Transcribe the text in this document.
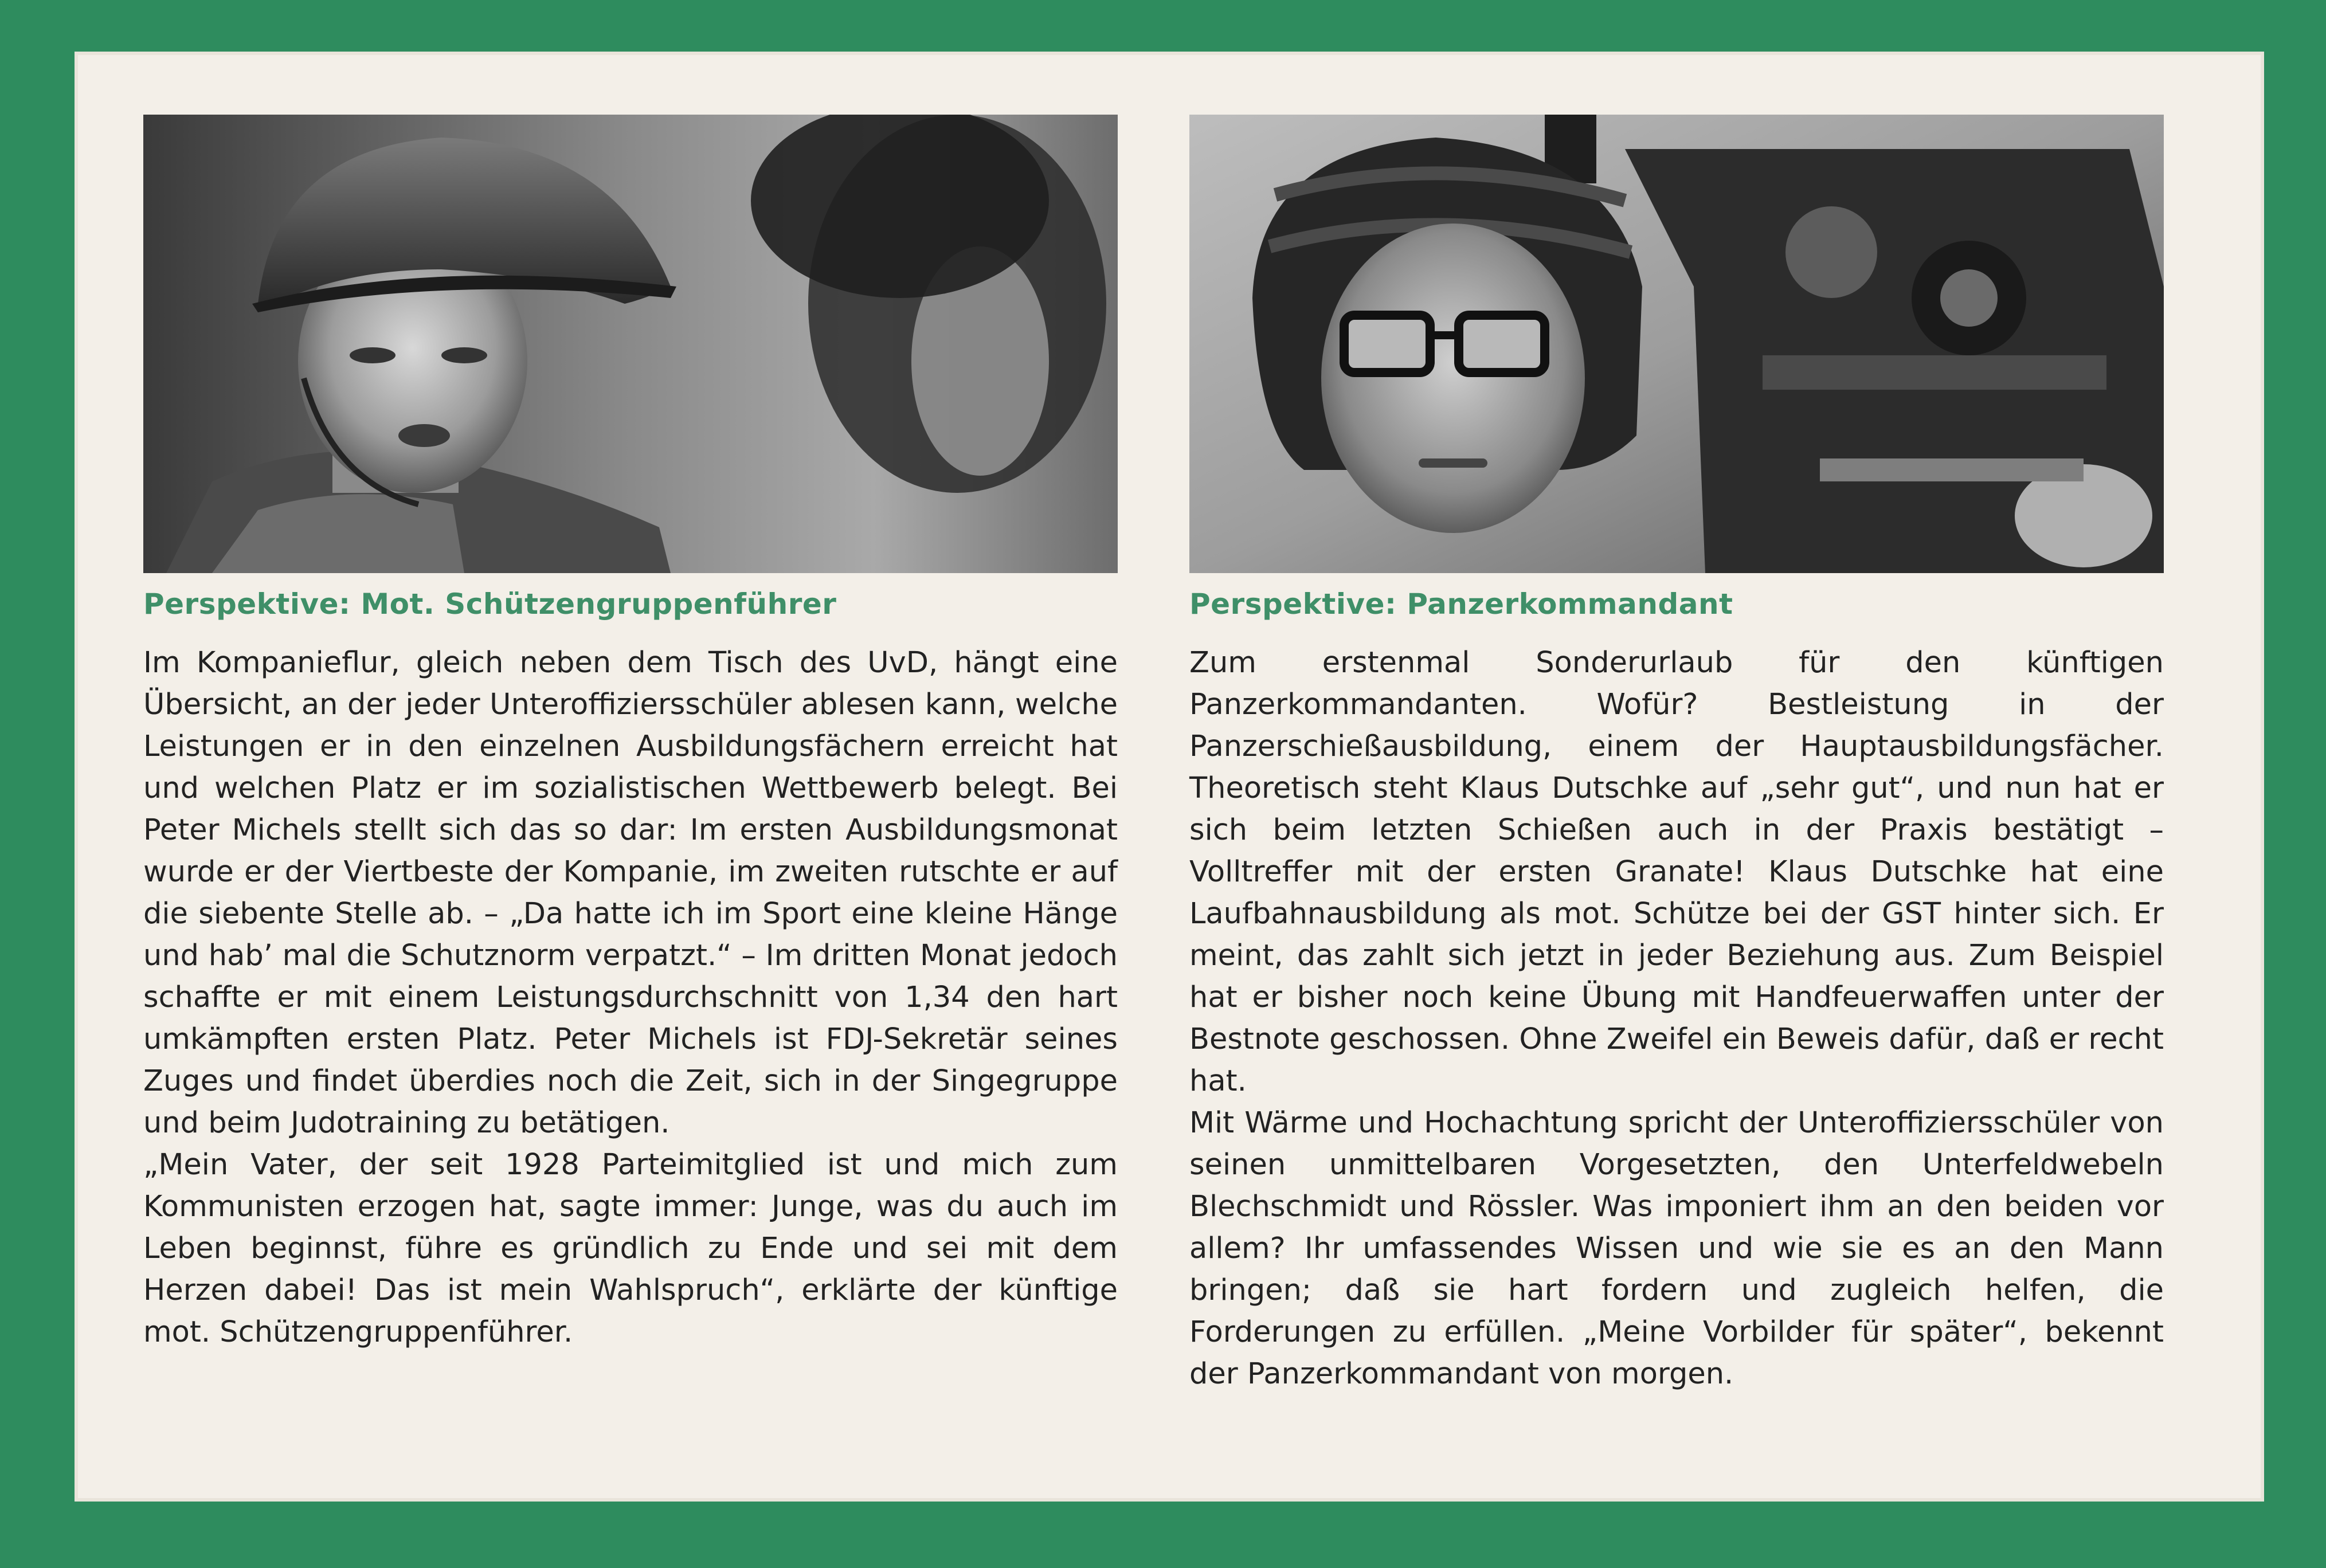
Perspektive: Mot. Schützengruppenführer

Im Kompanieflur, gleich neben dem Tisch des UvD, hängt eine Übersicht, an der jeder Unteroffiziersschüler ablesen kann, welche Leistungen er in den einzelnen Ausbildungsfächern erreicht hat und welchen Platz er im sozialistischen Wettbewerb belegt. Bei Peter Michels stellt sich das so dar: Im ersten Ausbildungsmonat wurde er der Viertbeste der Kompanie, im zweiten rutschte er auf die siebente Stelle ab. – „Da hatte ich im Sport eine kleine Hänge und hab’ mal die Schutznorm verpatzt.“ – Im dritten Monat jedoch schaffte er mit einem Leistungsdurchschnitt von 1,34 den hart umkämpften ersten Platz. Peter Michels ist FDJ-Sekretär seines Zuges und findet überdies noch die Zeit, sich in der Singegruppe und beim Judotraining zu betätigen.

„Mein Vater, der seit 1928 Parteimitglied ist und mich zum Kommunisten erzogen hat, sagte immer: Junge, was du auch im Leben beginnst, führe es gründlich zu Ende und sei mit dem Herzen dabei! Das ist mein Wahlspruch“, erklärte der künftige mot. Schützengruppenführer.

Perspektive: Panzerkommandant

Zum erstenmal Sonderurlaub für den künftigen Panzerkommandanten. Wofür? Bestleistung in der Panzerschießausbildung, einem der Hauptausbildungsfächer. Theoretisch steht Klaus Dutschke auf „sehr gut“, und nun hat er sich beim letzten Schießen auch in der Praxis bestätigt – Volltreffer mit der ersten Granate! Klaus Dutschke hat eine Laufbahnausbildung als mot. Schütze bei der GST hinter sich. Er meint, das zahlt sich jetzt in jeder Beziehung aus. Zum Beispiel hat er bisher noch keine Übung mit Handfeuerwaffen unter der Bestnote geschossen. Ohne Zweifel ein Beweis dafür, daß er recht hat.

Mit Wärme und Hochachtung spricht der Unteroffiziersschüler von seinen unmittelbaren Vorgesetzten, den Unterfeldwebeln Blechschmidt und Rössler. Was imponiert ihm an den beiden vor allem? Ihr umfassendes Wissen und wie sie es an den Mann bringen; daß sie hart fordern und zugleich helfen, die Forderungen zu erfüllen. „Meine Vorbilder für später“, bekennt der Panzerkommandant von morgen.
